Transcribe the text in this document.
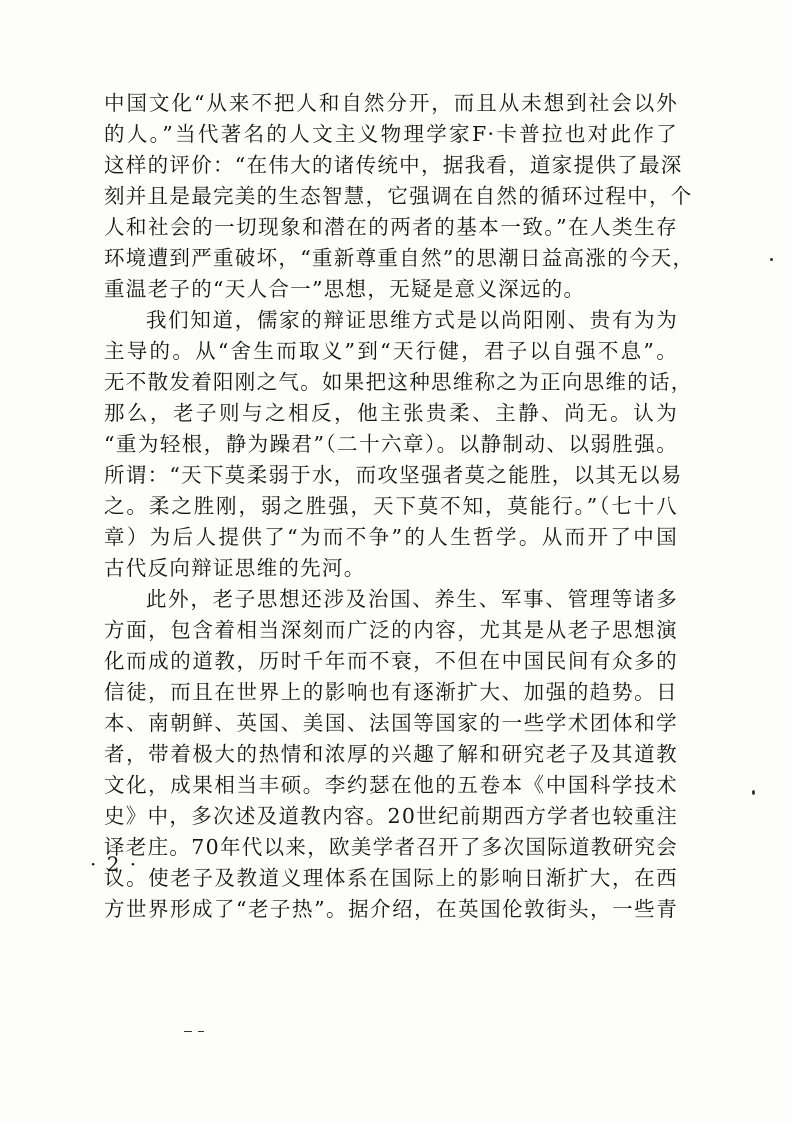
中国文化“从来不把人和自然分开，而且从未想到社会以外
的人。”当代著名的人文主义物理学家F·卡普拉也对此作了
这样的评价：“在伟大的诸传统中，据我看，道家提供了最深
刻并且是最完美的生态智慧，它强调在自然的循环过程中，个
人和社会的一切现象和潜在的两者的基本一致。”在人类生存
环境遭到严重破坏，“重新尊重自然”的思潮日益高涨的今天，
重温老子的“天人合一”思想，无疑是意义深远的。
我们知道，儒家的辩证思维方式是以尚阳刚、贵有为为
主导的。从“舍生而取义”到“天行健，君子以自强不息”。
无不散发着阳刚之气。如果把这种思维称之为正向思维的话，
那么，老子则与之相反，他主张贵柔、主静、尚无。认为
“重为轻根，静为躁君”（二十六章）。以静制动、以弱胜强。
所谓：“天下莫柔弱于水，而攻坚强者莫之能胜，以其无以易
之。柔之胜刚，弱之胜强，天下莫不知，莫能行。”（七十八
章）为后人提供了“为而不争”的人生哲学。从而开了中国
古代反向辩证思维的先河。
此外，老子思想还涉及治国、养生、军事、管理等诸多
方面，包含着相当深刻而广泛的内容，尤其是从老子思想演
化而成的道教，历时千年而不衰，不但在中国民间有众多的
信徒，而且在世界上的影响也有逐渐扩大、加强的趋势。日
本、南朝鲜、英国、美国、法国等国家的一些学术团体和学
者，带着极大的热情和浓厚的兴趣了解和研究老子及其道教
文化，成果相当丰硕。李约瑟在他的五卷本《中国科学技术
史》中，多次述及道教内容。20世纪前期西方学者也较重注
译老庄。70年代以来，欧美学者召开了多次国际道教研究会
议。使老子及教道义理体系在国际上的影响日渐扩大，在西
方世界形成了“老子热”。据介绍，在英国伦敦街头，一些青
· 2 ·
